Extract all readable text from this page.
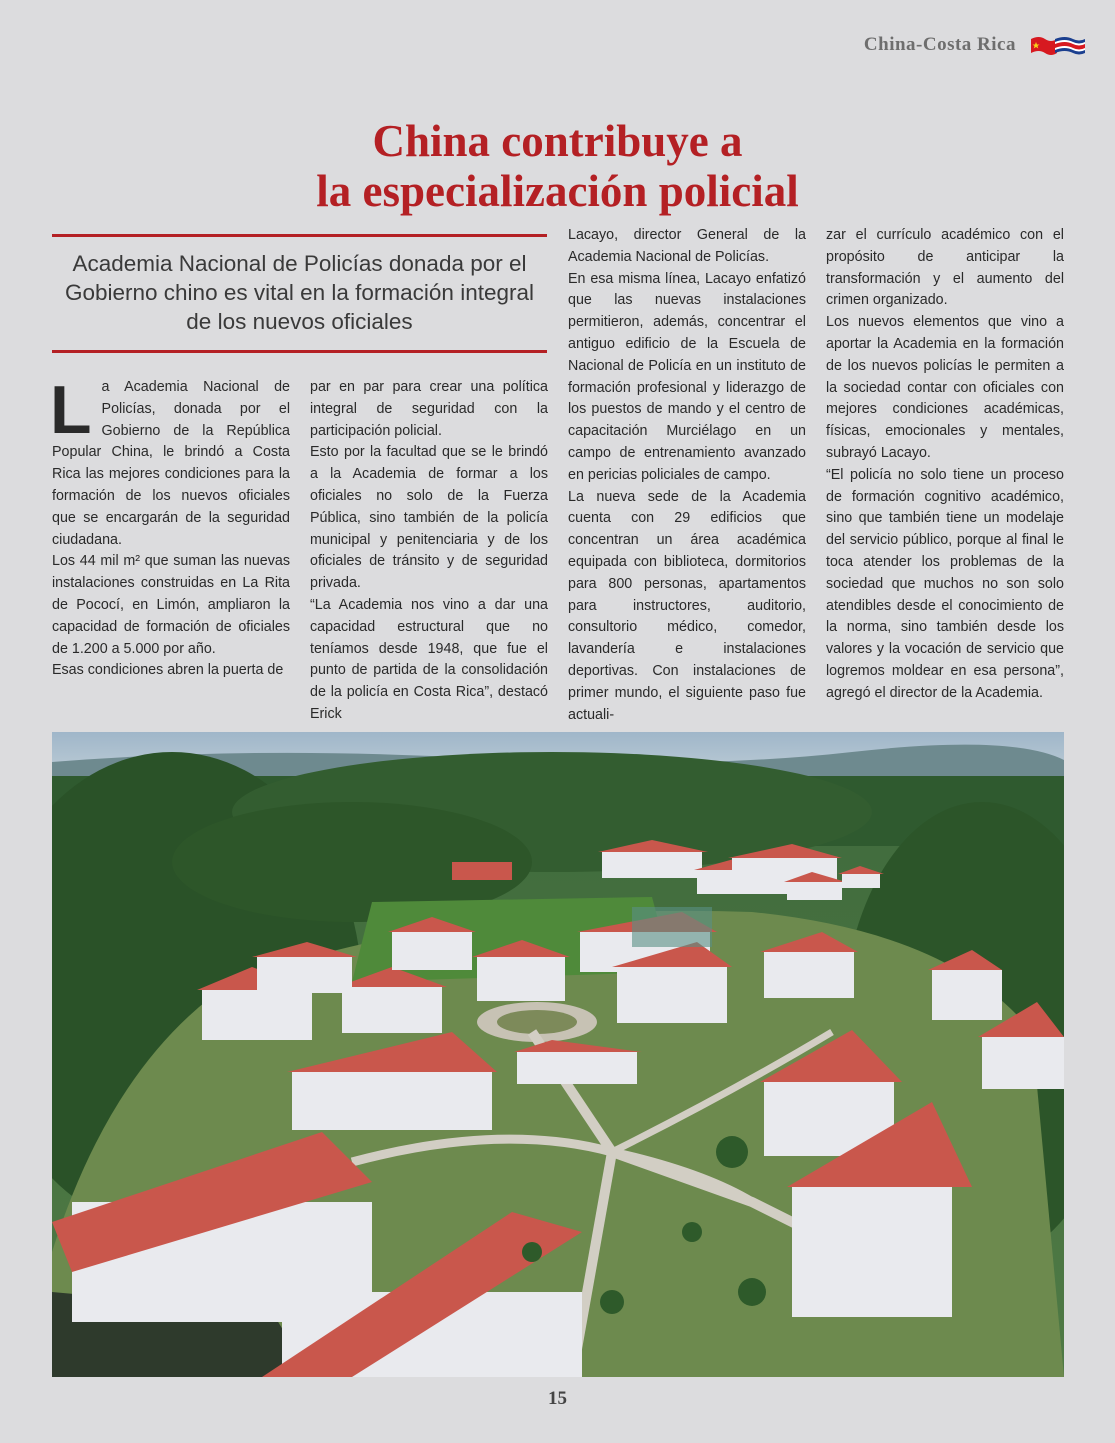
China-Costa Rica
China contribuye a
la especialización policial
Academia Nacional de Policías donada por el Gobierno chino es vital en la formación integral de los nuevos oficiales
L a Academia Nacional de Policías, donada por el Gobierno de la República Popular China, le brindó a Costa Rica las mejores condiciones para la formación de los nuevos oficiales que se encargarán de la seguridad ciudadana.

Los 44 mil m² que suman las nuevas instalaciones construidas en La Rita de Pococí, en Limón, ampliaron la capacidad de formación de oficiales de 1.200 a 5.000 por año.

Esas condiciones abren la puerta de

par en par para crear una política integral de seguridad con la participación policial.

Esto por la facultad que se le brindó a la Academia de formar a los oficiales no solo de la Fuerza Pública, sino también de la policía municipal y penitenciaria y de los oficiales de tránsito y de seguridad privada.

“La Academia nos vino a dar una capacidad estructural que no teníamos desde 1948, que fue el punto de partida de la consolidación de la policía en Costa Rica”, destacó Erick

Lacayo, director General de la Academia Nacional de Policías.

En esa misma línea, Lacayo enfatizó que las nuevas instalaciones permitieron, además, concentrar el antiguo edificio de la Escuela de Nacional de Policía en un instituto de formación profesional y liderazgo de los puestos de mando y el centro de capacitación Murciélago en un campo de entrenamiento avanzado en pericias policiales de campo.

La nueva sede de la Academia cuenta con 29 edificios que concentran un área académica equipada con biblioteca, dormitorios para 800 personas, apartamentos para instructores, auditorio, consultorio médico, comedor, lavandería e instalaciones deportivas. Con instalaciones de primer mundo, el siguiente paso fue actuali-

zar el currículo académico con el propósito de anticipar la transformación y el aumento del crimen organizado.

Los nuevos elementos que vino a aportar la Academia en la formación de los nuevos policías le permiten a la sociedad contar con oficiales con mejores condiciones académicas, físicas, emocionales y mentales, subrayó Lacayo.

“El policía no solo tiene un proceso de formación cognitivo académico, sino que también tiene un modelaje del servicio público, porque al final le toca atender los problemas de la sociedad que muchos no son solo atendibles desde el conocimiento de la norma, sino también desde los valores y la vocación de servicio que logremos moldear en esa persona”, agregó el director de la Academia.

15
